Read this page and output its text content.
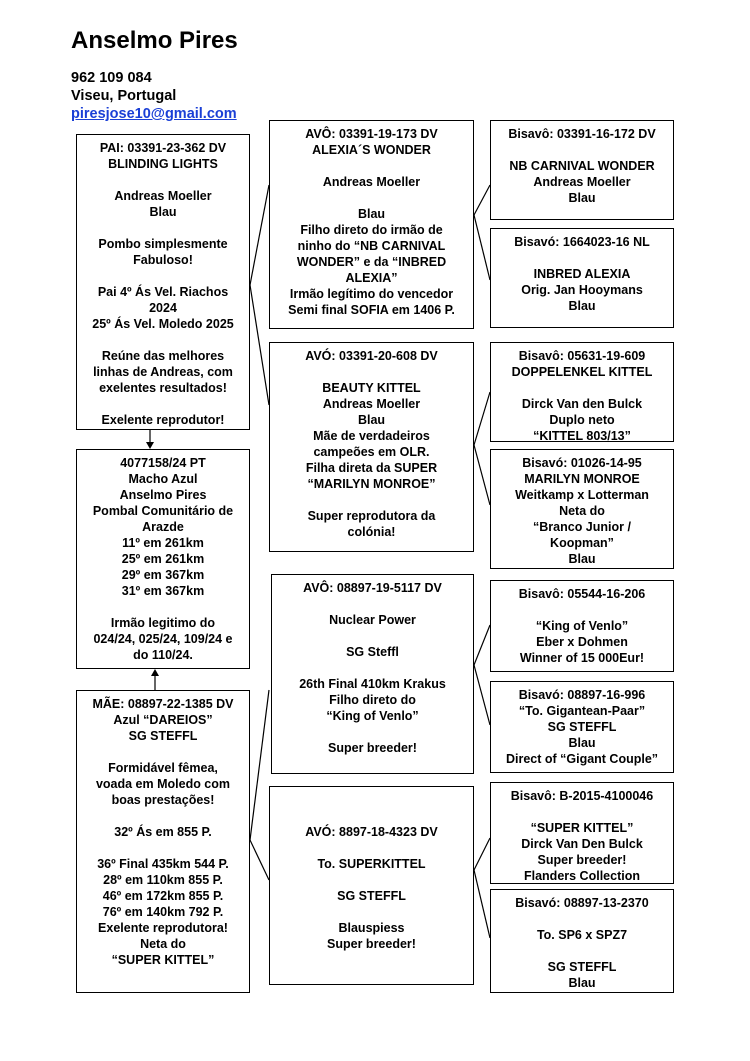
Anselmo Pires
962 109 084
Viseu, Portugal
piresjose10@gmail.com
PAI: 03391-23-362 DV
BLINDING LIGHTS
Andreas Moeller
Blau
Pombo simplesmente
Fabuloso!
Pai 4º Ás Vel. Riachos
2024
25º Ás Vel. Moledo 2025
Reúne das melhores
linhas de Andreas, com
exelentes resultados!
Exelente reprodutor!
4077158/24 PT
Macho Azul
Anselmo Pires
Pombal Comunitário de
Arazde
11º em 261km
25º em 261km
29º em 367km
31º em 367km
Irmão legitimo do
024/24, 025/24, 109/24 e
do 110/24.
MÃE: 08897-22-1385 DV
Azul “DAREIOS”
SG STEFFL
Formidável fêmea,
voada em Moledo com
boas prestações!
32º Ás em 855 P.
36º Final 435km 544 P.
28º em 110km 855 P.
46º em 172km 855 P.
76º em 140km 792 P.
Exelente reprodutora!
Neta do
“SUPER KITTEL”
AVÔ: 03391-19-173 DV
ALEXIA´S WONDER
Andreas Moeller
Blau
Filho direto do irmão de
ninho do “NB CARNIVAL
WONDER” e da “INBRED
ALEXIA”
Irmão legítimo do vencedor
Semi final SOFIA em 1406 P.
AVÓ: 03391-20-608 DV
BEAUTY KITTEL
Andreas Moeller
Blau
Mãe de verdadeiros
campeões em OLR.
Filha direta da SUPER
“MARILYN MONROE”
Super reprodutora da
colónia!
AVÔ: 08897-19-5117 DV
Nuclear Power
SG Steffl
26th Final 410km Krakus
Filho direto do
“King of Venlo”
Super breeder!
AVÓ: 8897-18-4323 DV
To. SUPERKITTEL
SG STEFFL
Blauspiess
Super breeder!
Bisavô: 03391-16-172 DV
NB CARNIVAL WONDER
Andreas Moeller
Blau
Bisavó: 1664023-16 NL
INBRED ALEXIA
Orig. Jan Hooymans
Blau
Bisavô: 05631-19-609
DOPPELENKEL KITTEL
Dirck Van den Bulck
Duplo neto
“KITTEL 803/13”
Bisavó: 01026-14-95
MARILYN MONROE
Weitkamp x Lotterman
Neta do
“Branco Junior /
Koopman”
Blau
Bisavô: 05544-16-206
“King of Venlo”
Eber x Dohmen
Winner of 15 000Eur!
Bisavó: 08897-16-996
“To. Gigantean-Paar”
SG STEFFL
Blau
Direct of “Gigant Couple”
Bisavô: B-2015-4100046
“SUPER KITTEL”
Dirck Van Den Bulck
Super breeder!
Flanders Collection
Bisavó: 08897-13-2370
To. SP6 x SPZ7
SG STEFFL
Blau
